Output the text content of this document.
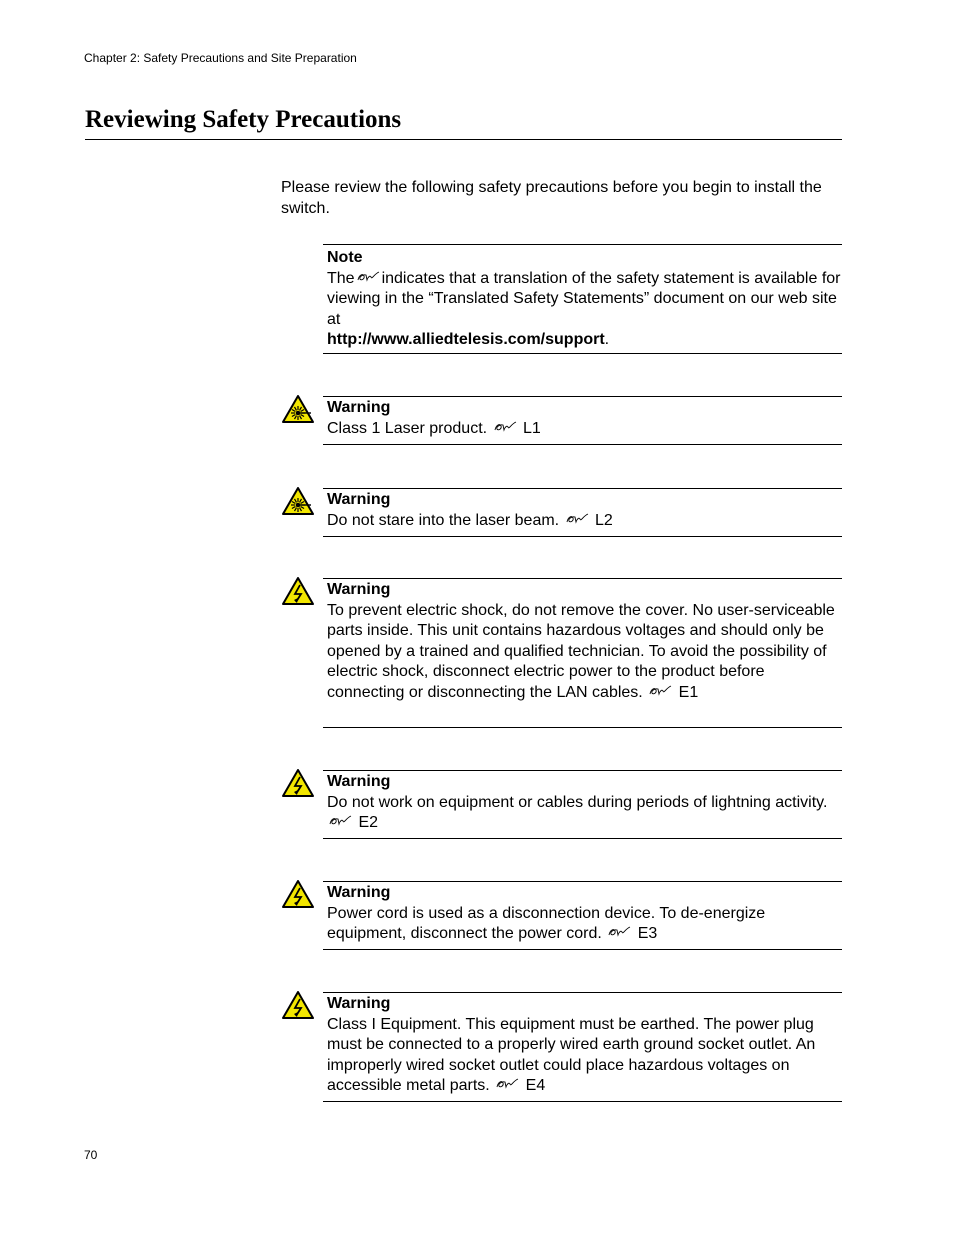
Chapter 2: Safety Precautions and Site Preparation
Reviewing Safety Precautions
Please review the following safety precautions before you begin to install the switch.
Note
The indicates that a translation of the safety statement is available for viewing in the “Translated Safety Statements” document on our web site at
http://www.alliedtelesis.com/support.
Warning
Class 1 Laser product. L1
Warning
Do not stare into the laser beam. L2
Warning
To prevent electric shock, do not remove the cover. No user-serviceable parts inside. This unit contains hazardous voltages and should only be opened by a trained and qualified technician. To avoid the possibility of electric shock, disconnect electric power to the product before connecting or disconnecting the LAN cables. E1
Warning
Do not work on equipment or cables during periods of lightning activity.  E2
Warning
Power cord is used as a disconnection device. To de-energize equipment, disconnect the power cord. E3
Warning
Class I Equipment. This equipment must be earthed. The power plug must be connected to a properly wired earth ground socket outlet. An improperly wired socket outlet could place hazardous voltages on accessible metal parts. E4
70
